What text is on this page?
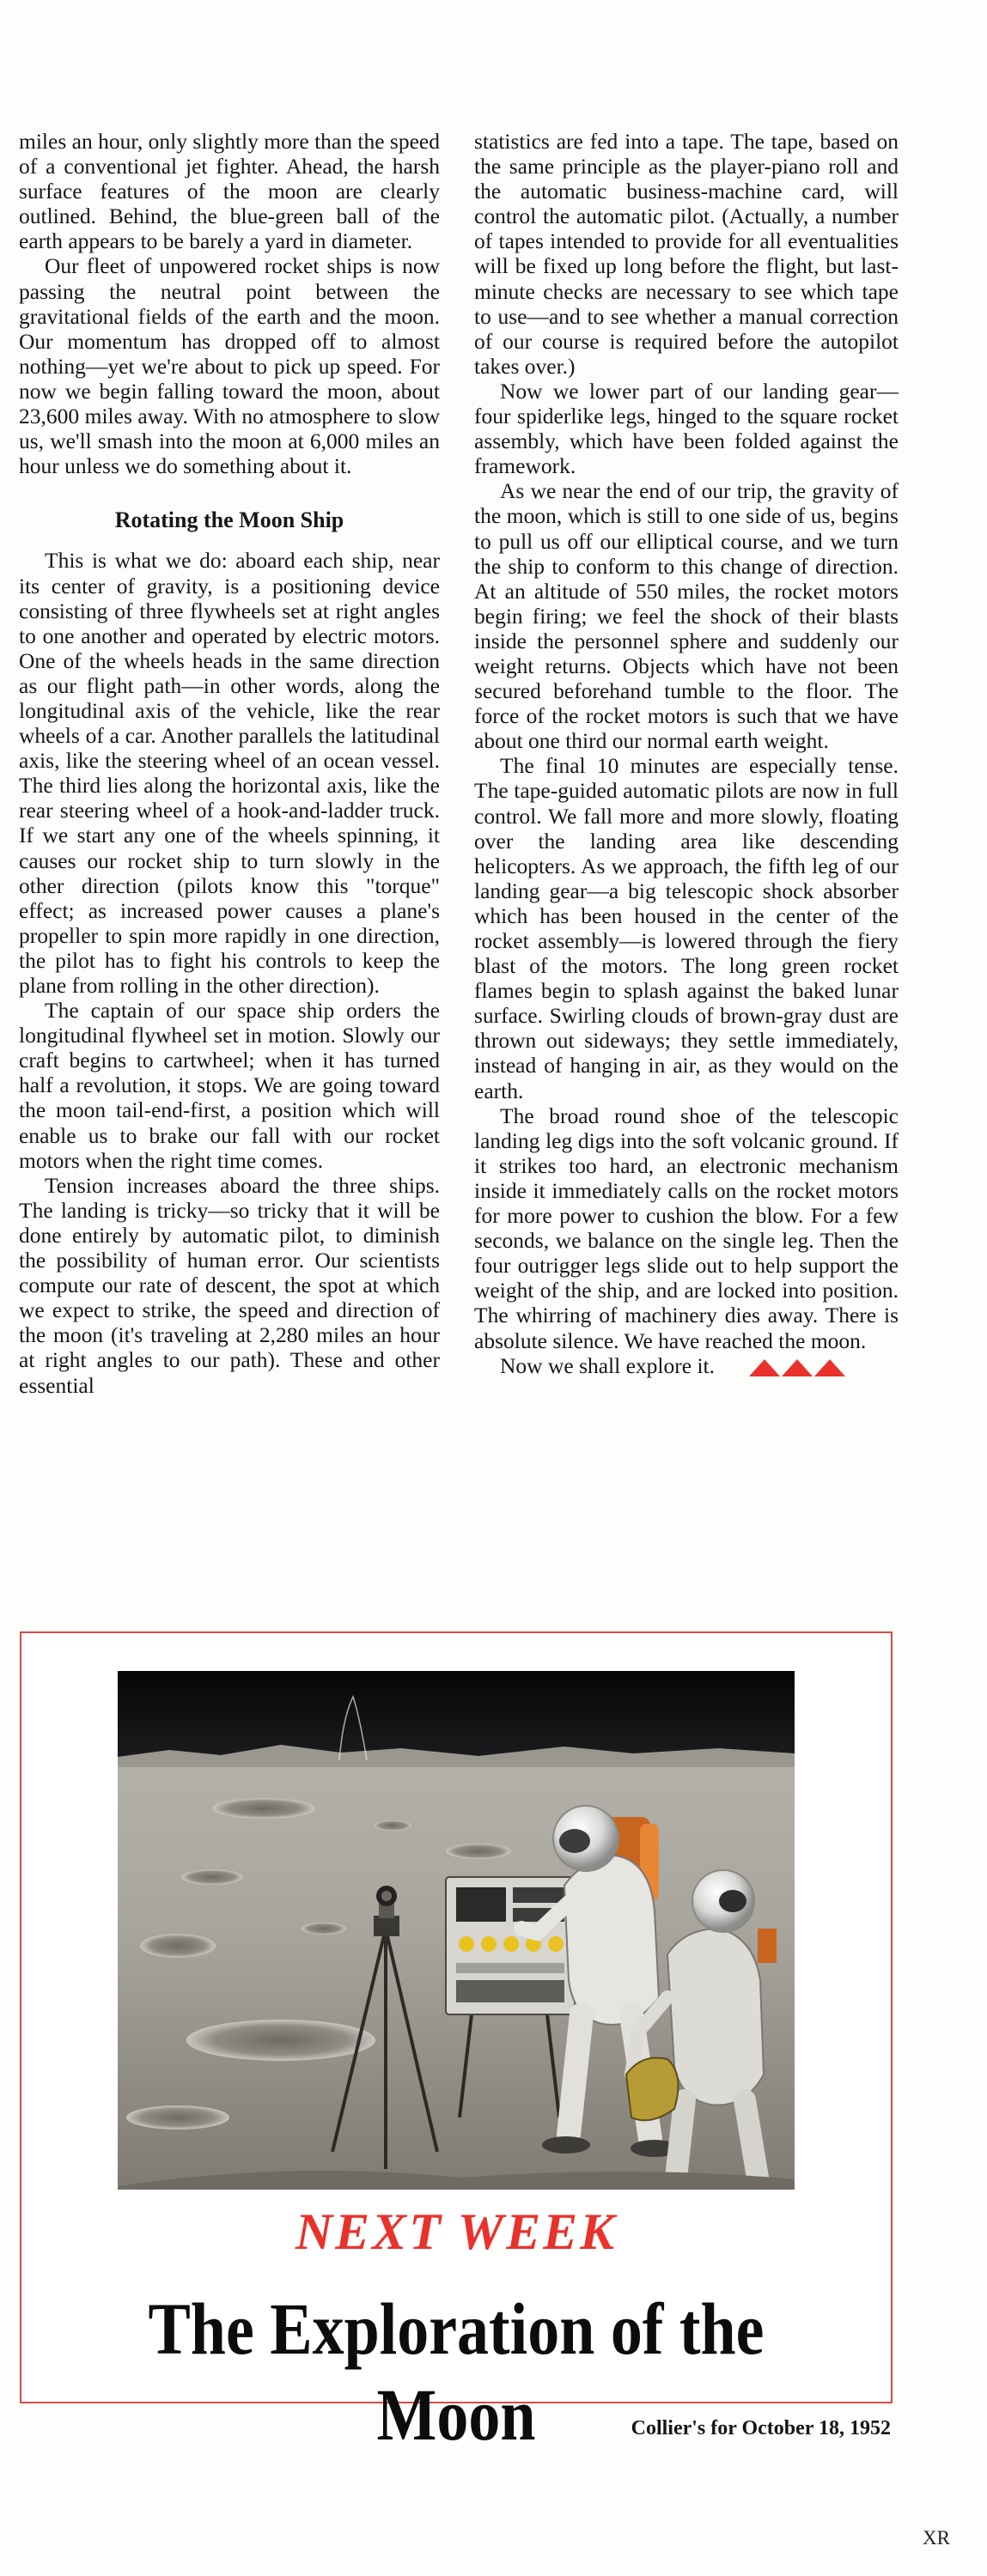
miles an hour, only slightly more than the speed of a conventional jet fighter. Ahead, the harsh surface features of the moon are clearly outlined. Behind, the blue-green ball of the earth appears to be barely a yard in diameter.

Our fleet of unpowered rocket ships is now passing the neutral point between the gravitational fields of the earth and the moon. Our momentum has dropped off to almost nothing—yet we're about to pick up speed. For now we begin falling toward the moon, about 23,600 miles away. With no atmosphere to slow us, we'll smash into the moon at 6,000 miles an hour unless we do something about it.

Rotating the Moon Ship

This is what we do: aboard each ship, near its center of gravity, is a positioning device consisting of three flywheels set at right angles to one another and operated by electric motors. One of the wheels heads in the same direction as our flight path—in other words, along the longitudinal axis of the vehicle, like the rear wheels of a car. Another parallels the latitudinal axis, like the steering wheel of an ocean vessel. The third lies along the horizontal axis, like the rear steering wheel of a hook-and-ladder truck. If we start any one of the wheels spinning, it causes our rocket ship to turn slowly in the other direction (pilots know this "torque" effect; as increased power causes a plane's propeller to spin more rapidly in one direction, the pilot has to fight his controls to keep the plane from rolling in the other direction).

The captain of our space ship orders the longitudinal flywheel set in motion. Slowly our craft begins to cartwheel; when it has turned half a revolution, it stops. We are going toward the moon tail-end-first, a position which will enable us to brake our fall with our rocket motors when the right time comes.

Tension increases aboard the three ships. The landing is tricky—so tricky that it will be done entirely by automatic pilot, to diminish the possibility of human error. Our scientists compute our rate of descent, the spot at which we expect to strike, the speed and direction of the moon (it's traveling at 2,280 miles an hour at right angles to our path). These and other essential

statistics are fed into a tape. The tape, based on the same principle as the player-piano roll and the automatic business-machine card, will control the automatic pilot. (Actually, a number of tapes intended to provide for all eventualities will be fixed up long before the flight, but last-minute checks are necessary to see which tape to use—and to see whether a manual correction of our course is required before the autopilot takes over.)

Now we lower part of our landing gear—four spiderlike legs, hinged to the square rocket assembly, which have been folded against the framework.

As we near the end of our trip, the gravity of the moon, which is still to one side of us, begins to pull us off our elliptical course, and we turn the ship to conform to this change of direction. At an altitude of 550 miles, the rocket motors begin firing; we feel the shock of their blasts inside the personnel sphere and suddenly our weight returns. Objects which have not been secured beforehand tumble to the floor. The force of the rocket motors is such that we have about one third our normal earth weight.

The final 10 minutes are especially tense. The tape-guided automatic pilots are now in full control. We fall more and more slowly, floating over the landing area like descending helicopters. As we approach, the fifth leg of our landing gear—a big telescopic shock absorber which has been housed in the center of the rocket assembly—is lowered through the fiery blast of the motors. The long green rocket flames begin to splash against the baked lunar surface. Swirling clouds of brown-gray dust are thrown out sideways; they settle immediately, instead of hanging in air, as they would on the earth.

The broad round shoe of the telescopic landing leg digs into the soft volcanic ground. If it strikes too hard, an electronic mechanism inside it immediately calls on the rocket motors for more power to cushion the blow. For a few seconds, we balance on the single leg. Then the four outrigger legs slide out to help support the weight of the ship, and are locked into position. The whirring of machinery dies away. There is absolute silence. We have reached the moon.

Now we shall explore it.

NEXT WEEK
The Exploration of the Moon	Collier's for October 18, 1952
XR
